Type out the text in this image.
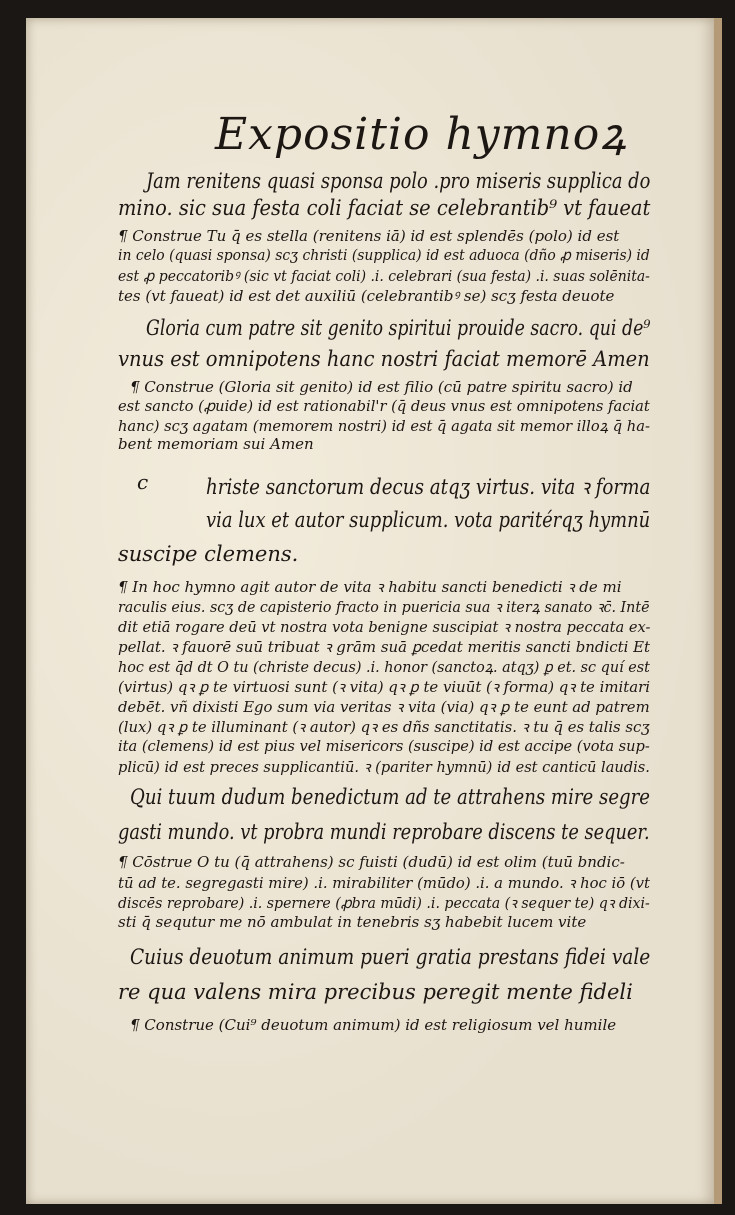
Expositio hymnoꝝ
Jam renitens quasi sponsa polo .pro miseris supplica do
mino. sic sua festa coli faciat se celebrantib⁹ vt faueat
¶ Construe Tu q̄ es stella (renitens iā) id est splendēs (polo) id est
in celo (quasi sponsa) scʒ christi (supplica) id est aduoca (dño ꝓ miseris) id
est ꝓ peccatoribꝰ (sic vt faciat coli) .i. celebrari (sua festa) .i. suas solēnita-
tes (vt faueat) id est det auxiliū (celebrantibꝰ se) scʒ festa deuote
Gloria cum patre sit genito spiritui prouide sacro. qui de⁹
vnus est omnipotens hanc nostri faciat memorē Amen
¶ Construe (Gloria sit genito) id est filio (cū patre spiritu sacro) id
est sancto (ꝓuide) id est rationabil'r (q̄ deus vnus est omnipotens faciat
hanc) scʒ agatam (memorem nostri) id est q̄ agata sit memor illoꝝ q̄ ha-
bent memoriam sui Amen
c	hriste sanctorum decus atqʒ virtus. vita ꝛ forma
via lux et autor supplicum. vota paritérqʒ hymnū
suscipe clemens.
¶ In hoc hymno agit autor de vita ꝛ habitu sancti benedicti ꝛ de mi
raculis eius. scʒ de capisterio fracto in puericia sua ꝛ iterꝝ sanato ꝛc̄. Intē
dit etiā rogare deū vt nostra vota benigne suscipiat ꝛ nostra peccata ex-
pellat. ꝛ fauorē suū tribuat ꝛ grām suā ꝑcedat meritis sancti bndicti Et
hoc est q̄d dt O tu (christe decus) .i. honor (sanctoꝝ. atqʒ) ꝑ et. sc quí est
(virtus) qꝛ ꝑ te virtuosi sunt (ꝛ vita) qꝛ ꝑ te viuūt (ꝛ forma) qꝛ te imitari
debēt. vñ dixisti Ego sum via veritas ꝛ vita (via) qꝛ ꝑ te eunt ad patrem
(lux) qꝛ ꝑ te illuminant (ꝛ autor) qꝛ es dñs sanctitatis. ꝛ tu q̄ es talis scʒ
ita (clemens) id est pius vel misericors (suscipe) id est accipe (vota sup-
plicū) id est preces supplicantiū. ꝛ (pariter hymnū) id est canticū laudis.
Qui tuum dudum benedictum ad te attrahens mire segre
gasti mundo. vt probra mundi reprobare discens te sequer.
¶ Cōstrue O tu (q̄ attrahens) sc fuisti (dudū) id est olim (tuū bndic-
tū ad te. segregasti mire) .i. mirabiliter (mūdo) .i. a mundo. ꝛ hoc iō (vt
discēs reprobare) .i. spernere (ꝓbra mūdi) .i. peccata (ꝛ sequer te) qꝛ dixi-
sti q̄ sequtur me nō ambulat in tenebris sʒ habebit lucem vite
Cuius deuotum animum pueri gratia prestans fidei vale
re qua valens mira precibus peregit mente fideli
¶ Construe (Cui⁹ deuotum animum) id est religiosum vel humile
